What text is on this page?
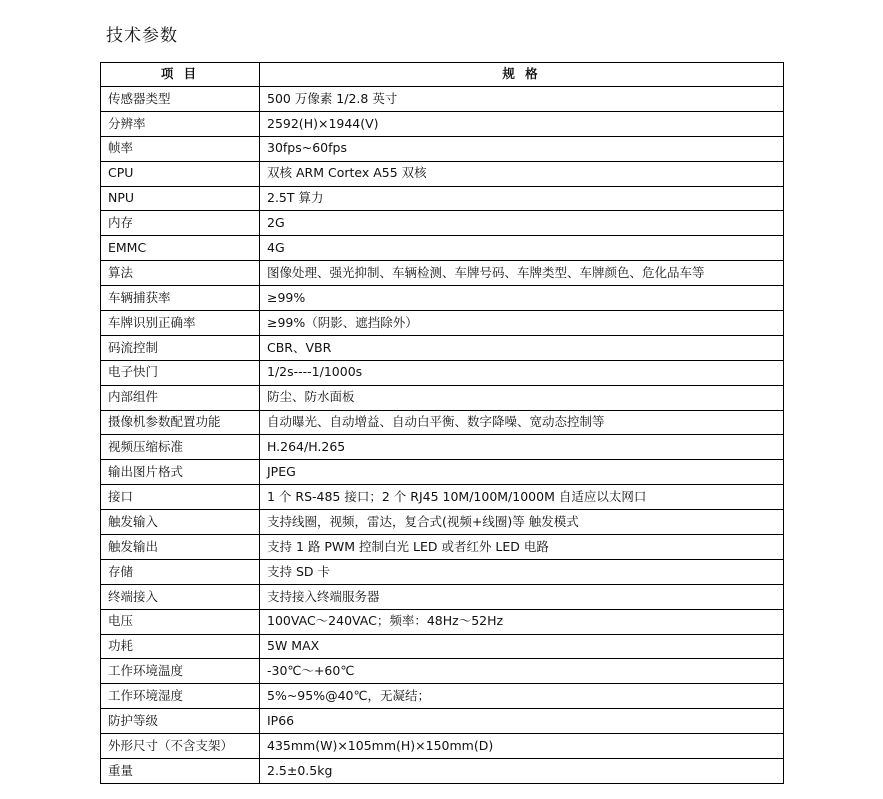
技术参数
项 目	规 格
传感器类型	500 万像素 1/2.8 英寸
分辨率	2592(H)×1944(V)
帧率	30fps~60fps
CPU	双核 ARM Cortex A55 双核
NPU	2.5T 算力
内存	2G
EMMC	4G
算法	图像处理、强光抑制、车辆检测、车牌号码、车牌类型、车牌颜色、危化品车等
车辆捕获率	≥99%
车牌识别正确率	≥99%（阴影、遮挡除外）
码流控制	CBR、VBR
电子快门	1/2s----1/1000s
内部组件	防尘、防水面板
摄像机参数配置功能	自动曝光、自动增益、自动白平衡、数字降噪、宽动态控制等
视频压缩标准	H.264/H.265
输出图片格式	JPEG
接口	1 个 RS-485 接口；2 个 RJ45 10M/100M/1000M 自适应以太网口
触发输入	支持线圈，视频，雷达，复合式(视频+线圈)等 触发模式
触发输出	支持 1 路 PWM 控制白光 LED 或者红外 LED 电路
存储	支持 SD 卡
终端接入	支持接入终端服务器
电压	100VAC～240VAC；频率：48Hz～52Hz
功耗	5W MAX
工作环境温度	-30℃～+60℃
工作环境湿度	5%~95%@40℃，无凝结；
防护等级	IP66
外形尺寸（不含支架）	435mm(W)×105mm(H)×150mm(D)
重量	2.5±0.5kg
